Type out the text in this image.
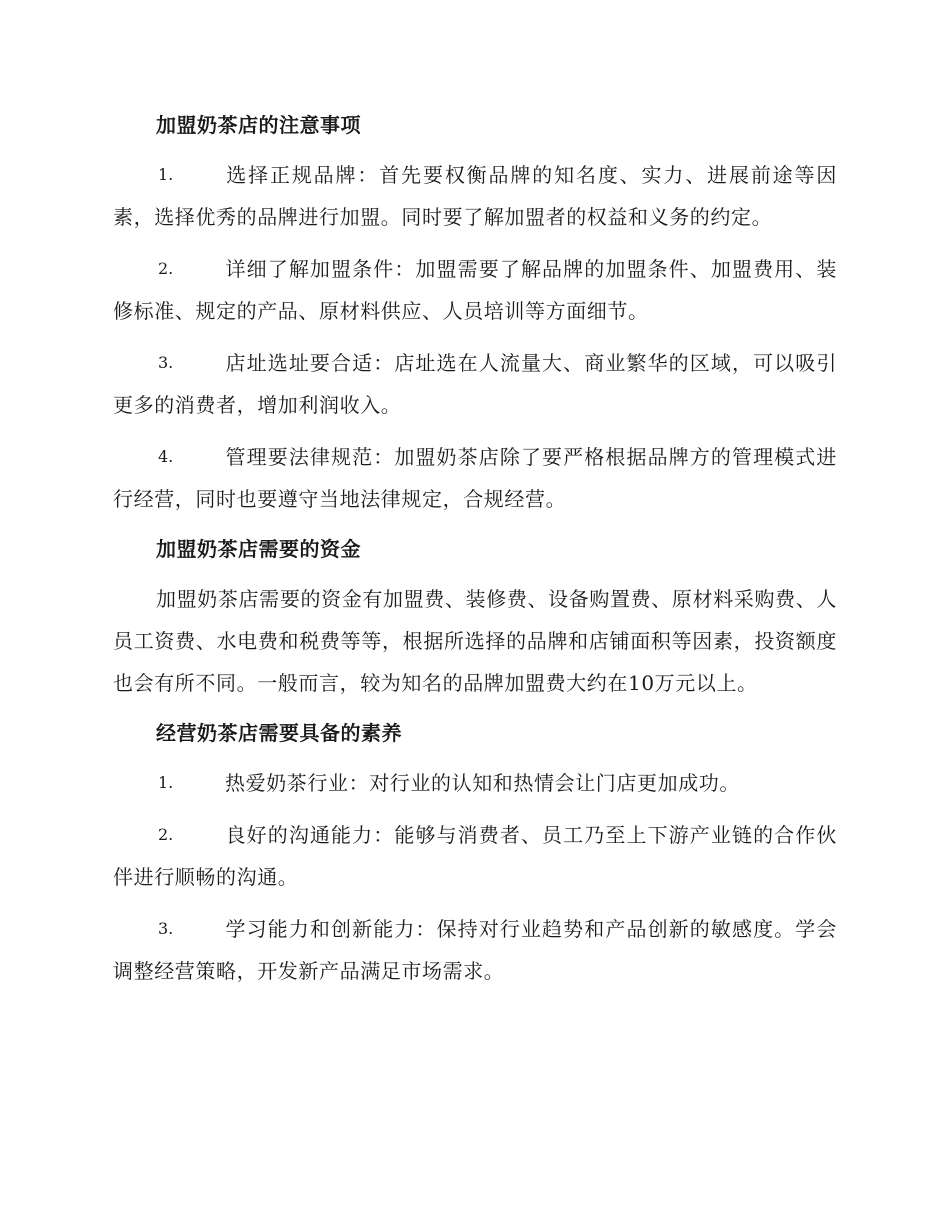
加盟奶茶店的注意事项
1.	选择正规品牌：首先要权衡品牌的知名度、实力、进展前途等因素，选择优秀的品牌进行加盟。同时要了解加盟者的权益和义务的约定。
2.	详细了解加盟条件：加盟需要了解品牌的加盟条件、加盟费用、装修标准、规定的产品、原材料供应、人员培训等方面细节。
3.	店址选址要合适：店址选在人流量大、商业繁华的区域，可以吸引更多的消费者，增加利润收入。
4.	管理要法律规范：加盟奶茶店除了要严格根据品牌方的管理模式进行经营，同时也要遵守当地法律规定，合规经营。
加盟奶茶店需要的资金
加盟奶茶店需要的资金有加盟费、装修费、设备购置费、原材料采购费、人员工资费、水电费和税费等等，根据所选择的品牌和店铺面积等因素，投资额度也会有所不同。一般而言，较为知名的品牌加盟费大约在10万元以上。
经营奶茶店需要具备的素养
1.	热爱奶茶行业：对行业的认知和热情会让门店更加成功。
2.	良好的沟通能力：能够与消费者、员工乃至上下游产业链的合作伙伴进行顺畅的沟通。
3.	学习能力和创新能力：保持对行业趋势和产品创新的敏感度。学会调整经营策略，开发新产品满足市场需求。
